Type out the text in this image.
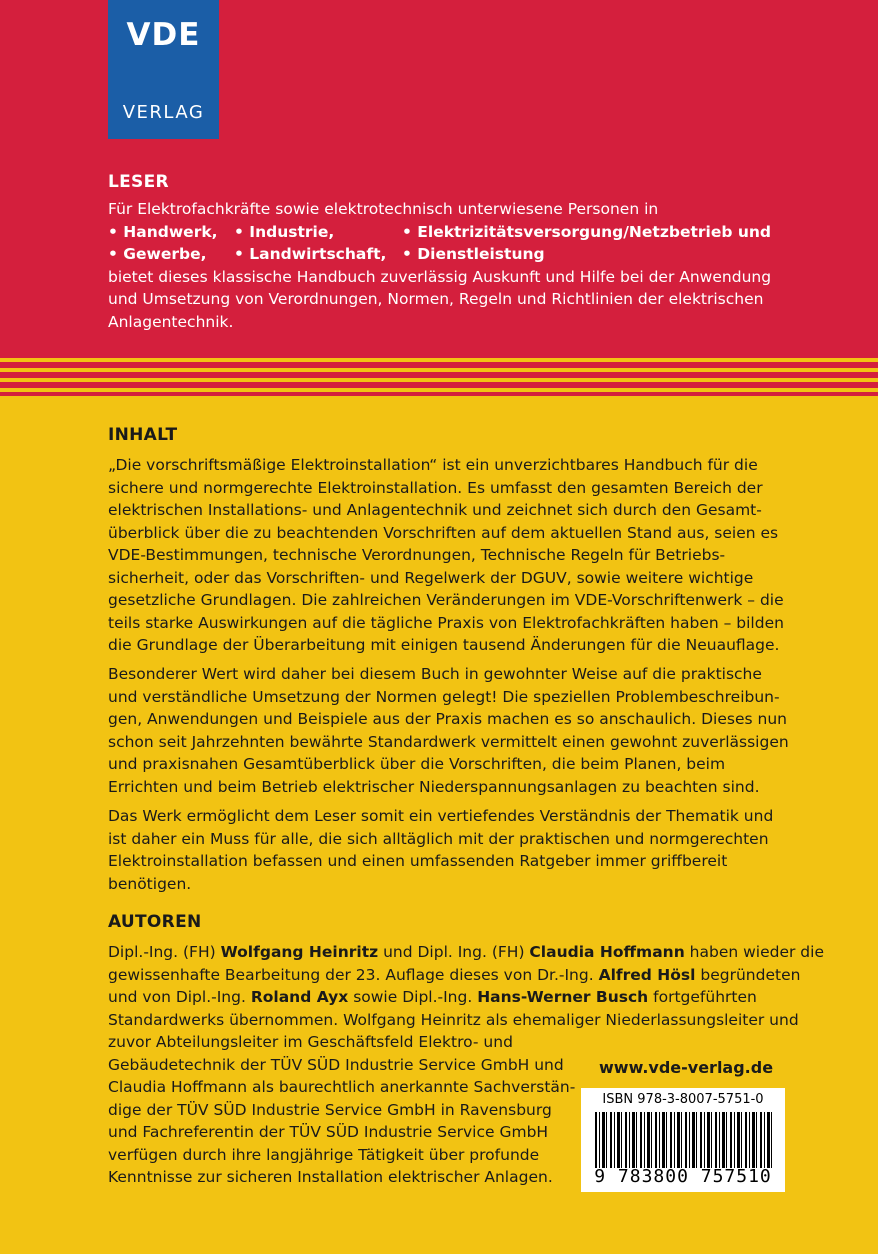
VDE
VERLAG
LESER
Für Elektrofachkräfte sowie elektrotechnisch unterwiesene Personen in
• Handwerk, • Industrie,	• Elektrizitätsversorgung/Netzbetrieb und
• Gewerbe, • Landwirtschaft, • Dienstleistung
bietet dieses klassische Handbuch zuverlässig Auskunft und Hilfe bei der Anwendung
und Umsetzung von Verordnungen, Normen, Regeln und Richtlinien der elektrischen
Anlagentechnik.
INHALT

„Die vorschriftsmäßige Elektroinstallation“ ist ein unverzichtbares Handbuch für die
sichere und normgerechte Elektroinstallation. Es umfasst den gesamten Bereich der
elektrischen Installations- und Anlagentechnik und zeichnet sich durch den Gesamt-
überblick über die zu beachtenden Vorschriften auf dem aktuellen Stand aus, seien es
VDE-Bestimmungen, technische Verordnungen, Technische Regeln für Betriebs-
sicherheit, oder das Vorschriften- und Regelwerk der DGUV, sowie weitere wichtige
gesetzliche Grundlagen. Die zahlreichen Veränderungen im VDE-Vorschriftenwerk – die
teils starke Auswirkungen auf die tägliche Praxis von Elektrofachkräften haben – bilden
die Grundlage der Überarbeitung mit einigen tausend Änderungen für die Neuauflage.

Besonderer Wert wird daher bei diesem Buch in gewohnter Weise auf die praktische
und verständliche Umsetzung der Normen gelegt! Die speziellen Problembeschreibun-
gen, Anwendungen und Beispiele aus der Praxis machen es so anschaulich. Dieses nun
schon seit Jahrzehnten bewährte Standardwerk vermittelt einen gewohnt zuverlässigen
und praxisnahen Gesamtüberblick über die Vorschriften, die beim Planen, beim
Errichten und beim Betrieb elektrischer Niederspannungsanlagen zu beachten sind.

Das Werk ermöglicht dem Leser somit ein vertiefendes Verständnis der Thematik und
ist daher ein Muss für alle, die sich alltäglich mit der praktischen und normgerechten
Elektroinstallation befassen und einen umfassenden Ratgeber immer griffbereit
benötigen.

AUTOREN

Dipl.-Ing. (FH) Wolfgang Heinritz und Dipl. Ing. (FH) Claudia Hoffmann haben wieder die
gewissenhafte Bearbeitung der 23. Auflage dieses von Dr.-Ing. Alfred Hösl begründeten
und von Dipl.-Ing. Roland Ayx sowie Dipl.-Ing. Hans-Werner Busch fortgeführten
Standardwerks übernommen. Wolfgang Heinritz als ehemaliger Niederlassungsleiter und
zuvor Abteilungsleiter im Geschäftsfeld Elektro- und
Gebäudetechnik der TÜV SÜD Industrie Service GmbH und
Claudia Hoffmann als baurechtlich anerkannte Sachverstän-
dige der TÜV SÜD Industrie Service GmbH in Ravensburg
und Fachreferentin der TÜV SÜD Industrie Service GmbH
verfügen durch ihre langjährige Tätigkeit über profunde
Kenntnisse zur sicheren Installation elektrischer Anlagen.

www.vde-verlag.de
ISBN 978-3-8007-5751-0
9 783800 757510
